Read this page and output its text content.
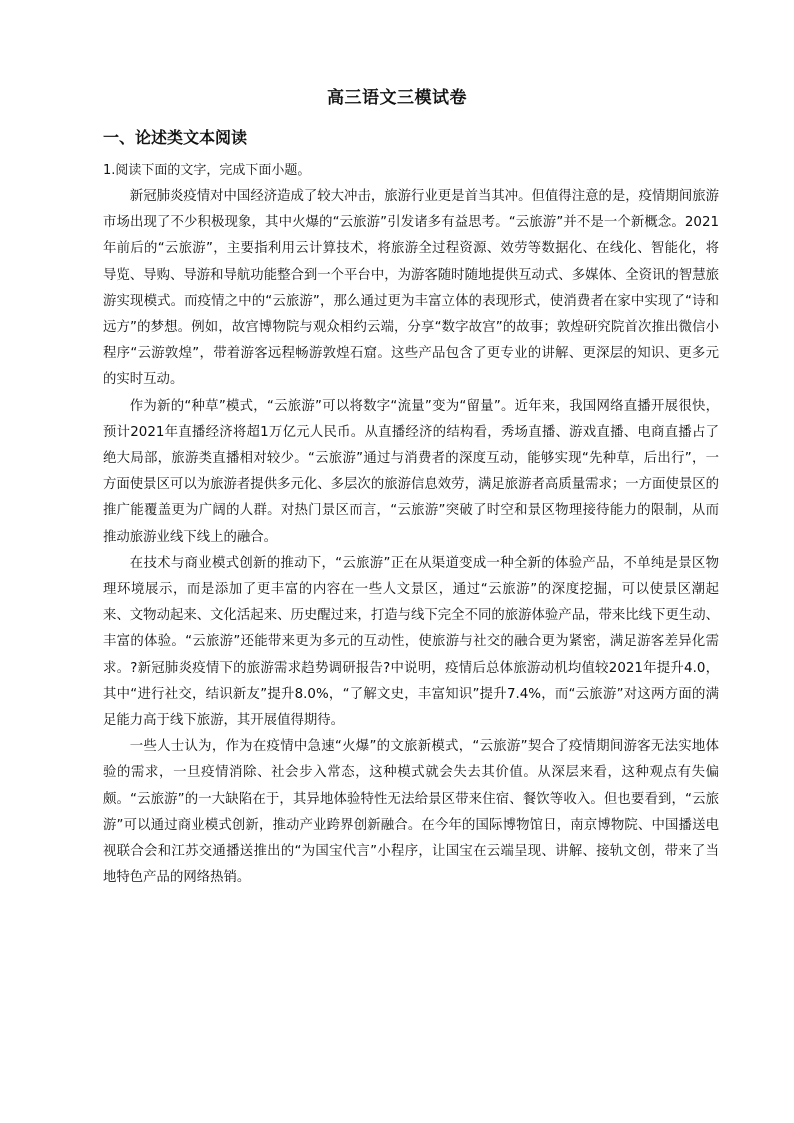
高三语文三模试卷
一、论述类文本阅读
1.阅读下面的文字，完成下面小题。

新冠肺炎疫情对中国经济造成了较大冲击，旅游行业更是首当其冲。但值得注意的是，疫情期间旅游市场出现了不少积极现象，其中火爆的“云旅游”引发诸多有益思考。“云旅游”并不是一个新概念。2021年前后的“云旅游”，主要指利用云计算技术，将旅游全过程资源、效劳等数据化、在线化、智能化，将导览、导购、导游和导航功能整合到一个平台中，为游客随时随地提供互动式、多媒体、全资讯的智慧旅游实现模式。而疫情之中的“云旅游”，那么通过更为丰富立体的表现形式，使消费者在家中实现了“诗和远方”的梦想。例如，故宫博物院与观众相约云端，分享“数字故宫”的故事；敦煌研究院首次推出微信小程序“云游敦煌”，带着游客远程畅游敦煌石窟。这些产品包含了更专业的讲解、更深层的知识、更多元的实时互动。

作为新的“种草”模式，“云旅游”可以将数字“流量”变为“留量”。近年来，我国网络直播开展很快，预计2021年直播经济将超1万亿元人民币。从直播经济的结构看，秀场直播、游戏直播、电商直播占了绝大局部，旅游类直播相对较少。“云旅游”通过与消费者的深度互动，能够实现“先种草，后出行”，一方面使景区可以为旅游者提供多元化、多层次的旅游信息效劳，满足旅游者高质量需求；一方面使景区的推广能覆盖更为广阔的人群。对热门景区而言，“云旅游”突破了时空和景区物理接待能力的限制，从而推动旅游业线下线上的融合。

在技术与商业模式创新的推动下，“云旅游”正在从渠道变成一种全新的体验产品，不单纯是景区物理环境展示，而是添加了更丰富的内容在一些人文景区，通过“云旅游”的深度挖掘，可以使景区潮起来、文物动起来、文化活起来、历史醒过来，打造与线下完全不同的旅游体验产品，带来比线下更生动、丰富的体验。“云旅游”还能带来更为多元的互动性，使旅游与社交的融合更为紧密，满足游客差异化需求。?新冠肺炎疫情下的旅游需求趋势调研报告?中说明，疫情后总体旅游动机均值较2021年提升4.0，其中“进行社交，结识新友”提升8.0%，“了解文史，丰富知识”提升7.4%，而“云旅游”对这两方面的满足能力高于线下旅游，其开展值得期待。

一些人士认为，作为在疫情中急速“火爆”的文旅新模式，“云旅游”契合了疫情期间游客无法实地体验的需求，一旦疫情消除、社会步入常态，这种模式就会失去其价值。从深层来看，这种观点有失偏颇。“云旅游”的一大缺陷在于，其异地体验特性无法给景区带来住宿、餐饮等收入。但也要看到，“云旅游”可以通过商业模式创新，推动产业跨界创新融合。在今年的国际博物馆日，南京博物院、中国播送电视联合会和江苏交通播送推出的“为国宝代言”小程序，让国宝在云端呈现、讲解、接轨文创，带来了当地特色产品的网络热销。
